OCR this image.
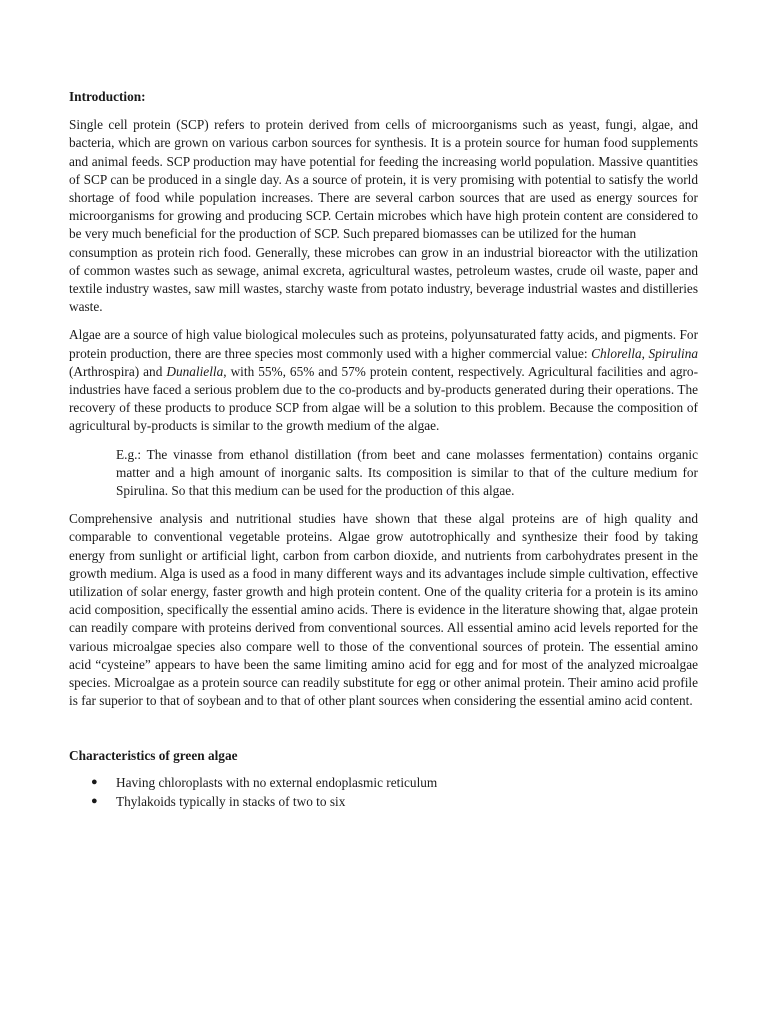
Introduction:

Single cell protein (SCP) refers to protein derived from cells of microorganisms such as yeast, fungi, algae, and bacteria, which are grown on various carbon sources for synthesis. It is a protein source for human food supplements and animal feeds. SCP production may have potential for feeding the increasing world population. Massive quantities of SCP can be produced in a single day. As a source of protein, it is very promising with potential to satisfy the world shortage of food while population increases. There are several carbon sources that are used as energy sources for microorganisms for growing and producing SCP. Certain microbes which have high protein content are considered to be very much beneficial for the production of SCP. Such prepared biomasses can be utilized for the human
consumption as protein rich food. Generally, these microbes can grow in an industrial bioreactor with the utilization of common wastes such as sewage, animal excreta, agricultural wastes, petroleum wastes, crude oil waste, paper and textile industry wastes, saw mill wastes, starchy waste from potato industry, beverage industrial wastes and distilleries waste.

Algae are a source of high value biological molecules such as proteins, polyunsaturated fatty acids, and pigments. For protein production, there are three species most commonly used with a higher commercial value: Chlorella, Spirulina (Arthrospira) and Dunaliella, with 55%, 65% and 57% protein content, respectively. Agricultural facilities and agro-industries have faced a serious problem due to the co-products and by-products generated during their operations. The recovery of these products to produce SCP from algae will be a solution to this problem. Because the composition of agricultural by-products is similar to the growth medium of the algae.

E.g.: The vinasse from ethanol distillation (from beet and cane molasses fermentation) contains organic matter and a high amount of inorganic salts. Its composition is similar to that of the culture medium for Spirulina. So that this medium can be used for the production of this algae.

Comprehensive analysis and nutritional studies have shown that these algal proteins are of high quality and comparable to conventional vegetable proteins. Algae grow autotrophically and synthesize their food by taking energy from sunlight or artificial light, carbon from carbon dioxide, and nutrients from carbohydrates present in the growth medium. Alga is used as a food in many different ways and its advantages include simple cultivation, effective utilization of solar energy, faster growth and high protein content. One of the quality criteria for a protein is its amino acid composition, specifically the essential amino acids. There is evidence in the literature showing that, algae protein can readily compare with proteins derived from conventional sources. All essential amino acid levels reported for the various microalgae species also compare well to those of the conventional sources of protein. The essential amino acid “cysteine” appears to have been the same limiting amino acid for egg and for most of the analyzed microalgae species. Microalgae as a protein source can readily substitute for egg or other animal protein. Their amino acid profile is far superior to that of soybean and to that of other plant sources when considering the essential amino acid content.

Characteristics of green algae
●	Having chloroplasts with no external endoplasmic reticulum
●	Thylakoids typically in stacks of two to six
